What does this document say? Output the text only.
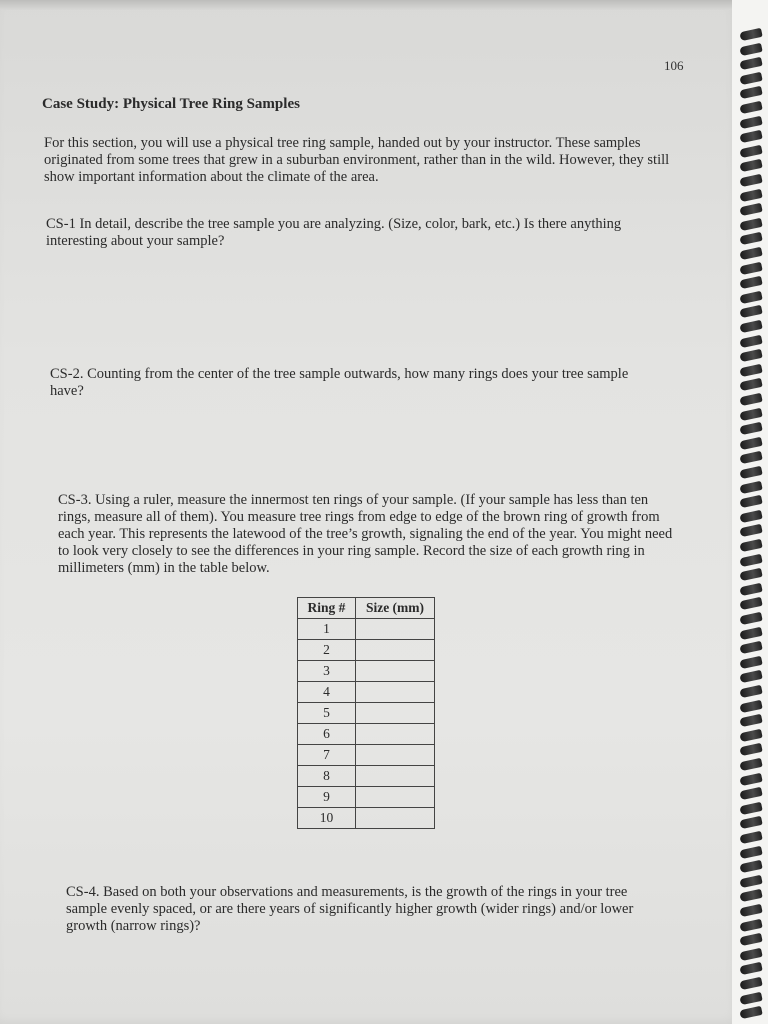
106
Case Study: Physical Tree Ring Samples
For this section, you will use a physical tree ring sample, handed out by your instructor. These samples originated from some trees that grew in a suburban environment, rather than in the wild. However, they still show important information about the climate of the area.
CS-1 In detail, describe the tree sample you are analyzing. (Size, color, bark, etc.) Is there anything interesting about your sample?
CS-2. Counting from the center of the tree sample outwards, how many rings does your tree sample have?
CS-3. Using a ruler, measure the innermost ten rings of your sample. (If your sample has less than ten rings, measure all of them). You measure tree rings from edge to edge of the brown ring of growth from each year. This represents the latewood of the tree’s growth, signaling the end of the year. You might need to look very closely to see the differences in your ring sample. Record the size of each growth ring in millimeters (mm) in the table below.
Ring #	Size (mm)
1	
2	
3	
4	
5	
6	
7	
8	
9	
10	
CS-4. Based on both your observations and measurements, is the growth of the rings in your tree sample evenly spaced, or are there years of significantly higher growth (wider rings) and/or lower growth (narrow rings)?
